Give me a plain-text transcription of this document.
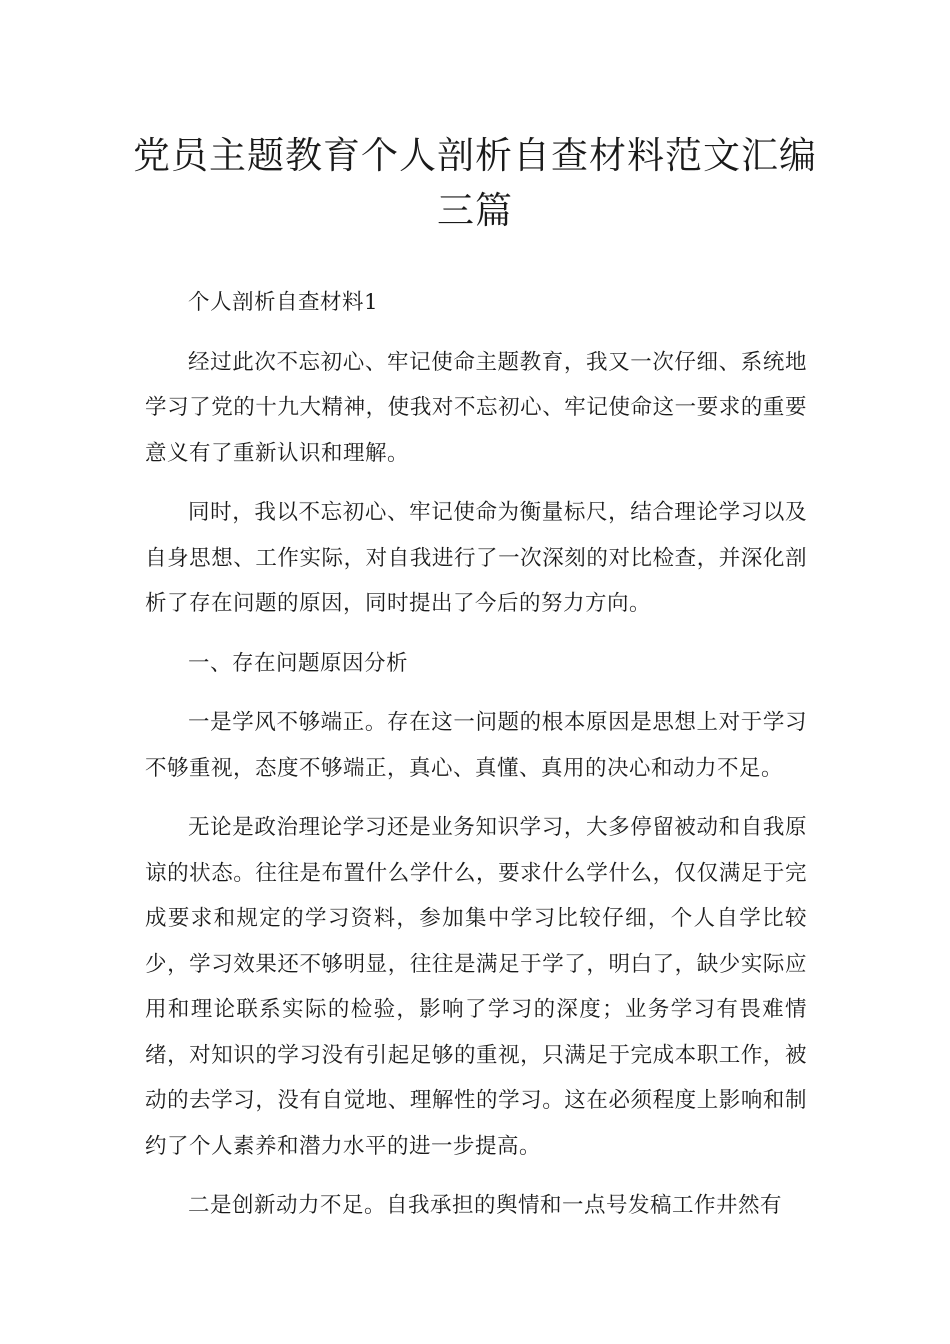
党员主题教育个人剖析自查材料范文汇编三篇

个人剖析自查材料1

经过此次不忘初心、牢记使命主题教育，我又一次仔细、系统地学习了党的十九大精神，使我对不忘初心、牢记使命这一要求的重要意义有了重新认识和理解。

同时，我以不忘初心、牢记使命为衡量标尺，结合理论学习以及自身思想、工作实际，对自我进行了一次深刻的对比检查，并深化剖析了存在问题的原因，同时提出了今后的努力方向。

一、存在问题原因分析

一是学风不够端正。存在这一问题的根本原因是思想上对于学习不够重视，态度不够端正，真心、真懂、真用的决心和动力不足。

无论是政治理论学习还是业务知识学习，大多停留被动和自我原谅的状态。往往是布置什么学什么，要求什么学什么，仅仅满足于完成要求和规定的学习资料，参加集中学习比较仔细，个人自学比较少，学习效果还不够明显，往往是满足于学了，明白了，缺少实际应用和理论联系实际的检验，影响了学习的深度；业务学习有畏难情绪，对知识的学习没有引起足够的重视，只满足于完成本职工作，被动的去学习，没有自觉地、理解性的学习。这在必须程度上影响和制约了个人素养和潜力水平的进一步提高。

二是创新动力不足。自我承担的舆情和一点号发稿工作井然有
